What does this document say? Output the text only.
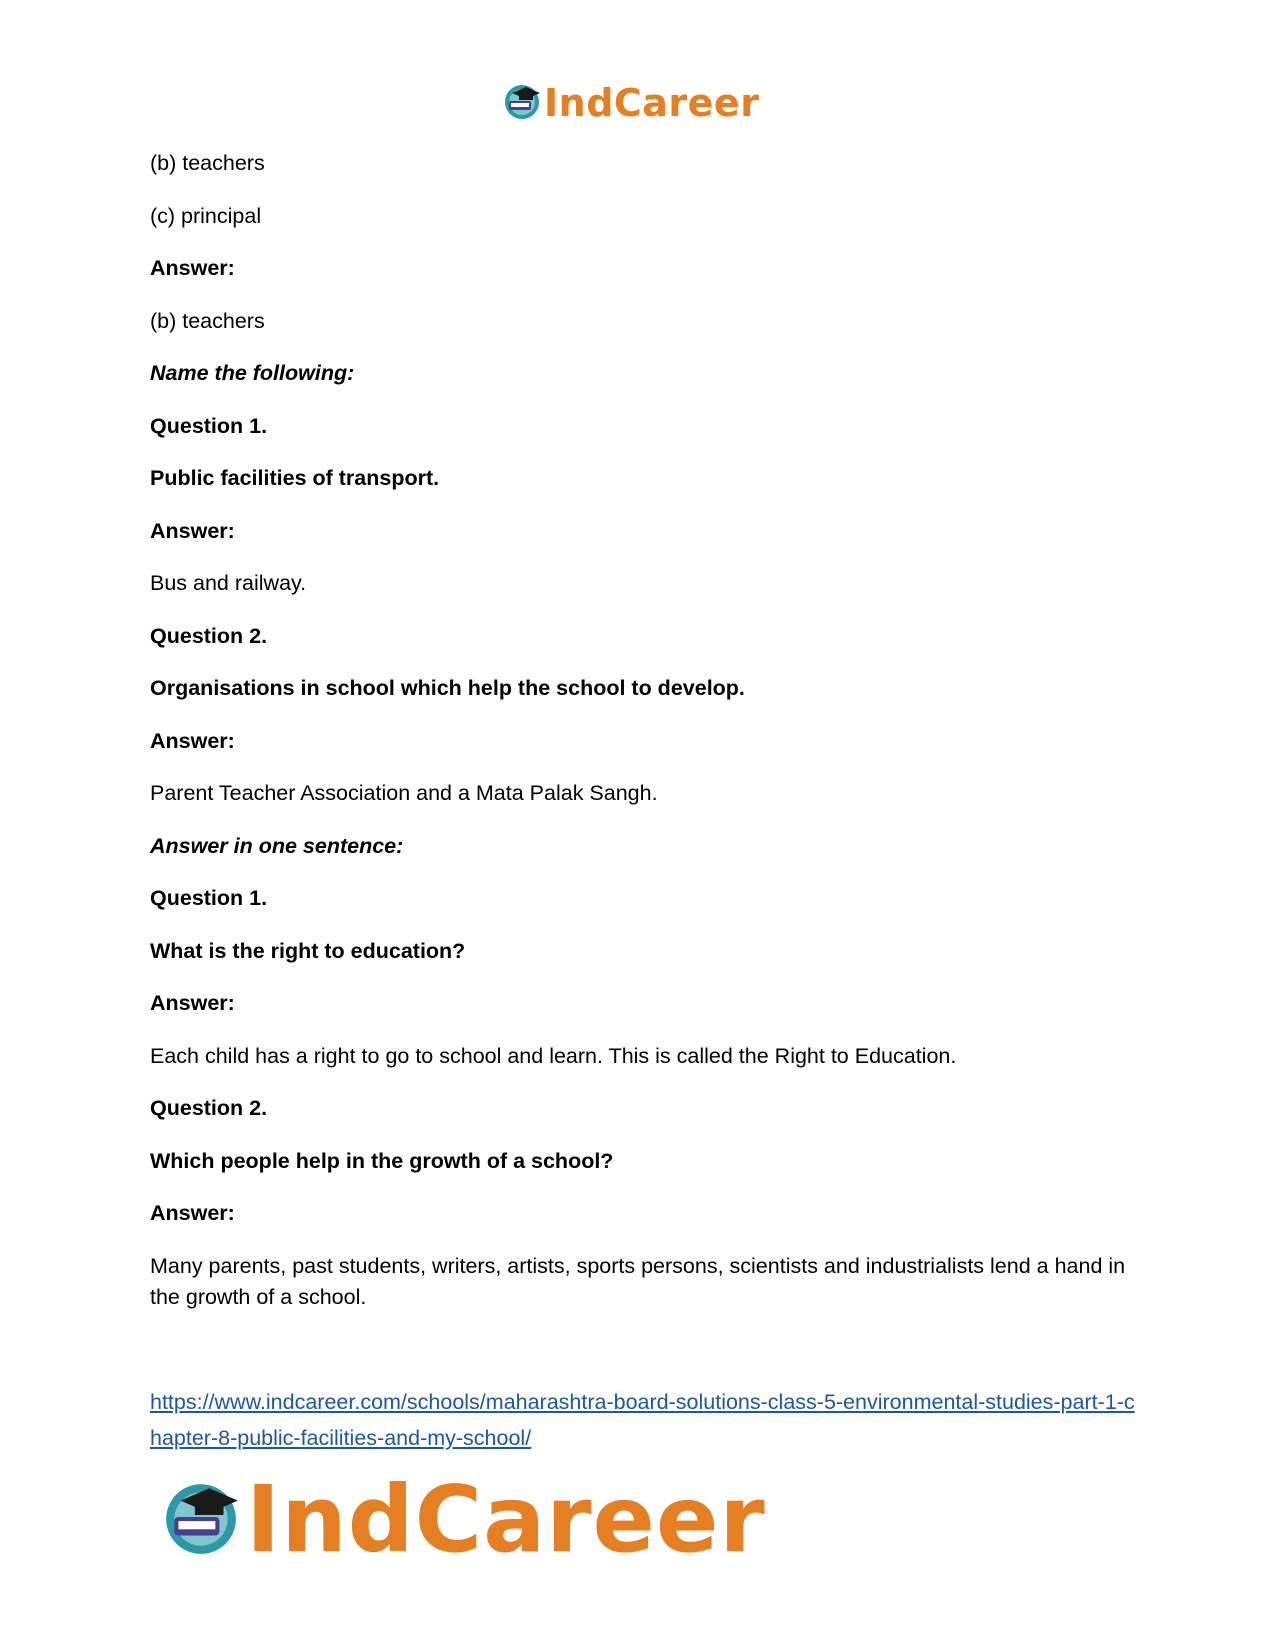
IndCareer

(b) teachers

(c) principal

Answer:

(b) teachers

Name the following:

Question 1.

Public facilities of transport.

Answer:

Bus and railway.

Question 2.

Organisations in school which help the school to develop.

Answer:

Parent Teacher Association and a Mata Palak Sangh.

Answer in one sentence:

Question 1.

What is the right to education?

Answer:

Each child has a right to go to school and learn. This is called the Right to Education.

Question 2.

Which people help in the growth of a school?

Answer:

Many parents, past students, writers, artists, sports persons, scientists and industrialists lend a hand in the growth of a school.

https://www.indcareer.com/schools/maharashtra-board-solutions-class-5-environmental-studies-part-1-chapter-8-public-facilities-and-my-school/
IndCareer
